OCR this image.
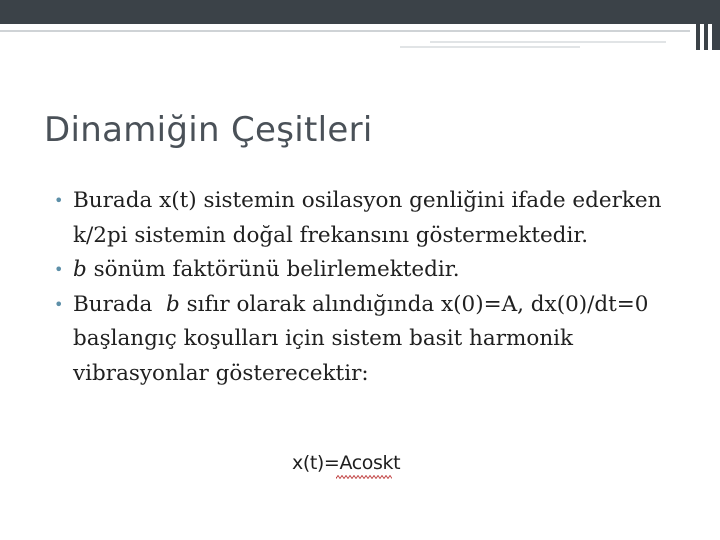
Dinamiğin Çeşitleri
• Burada x(t) sistemin osilasyon genliğini ifade ederken k/2pi sistemin doğal frekansını göstermektedir.
• b sönüm faktörünü belirlemektedir.
• Burada  b sıfır olarak alındığında x(0)=A, dx(0)/dt=0 başlangıç koşulları için sistem basit harmonik vibrasyonlar gösterecektir:
x(t)=Acoskt
